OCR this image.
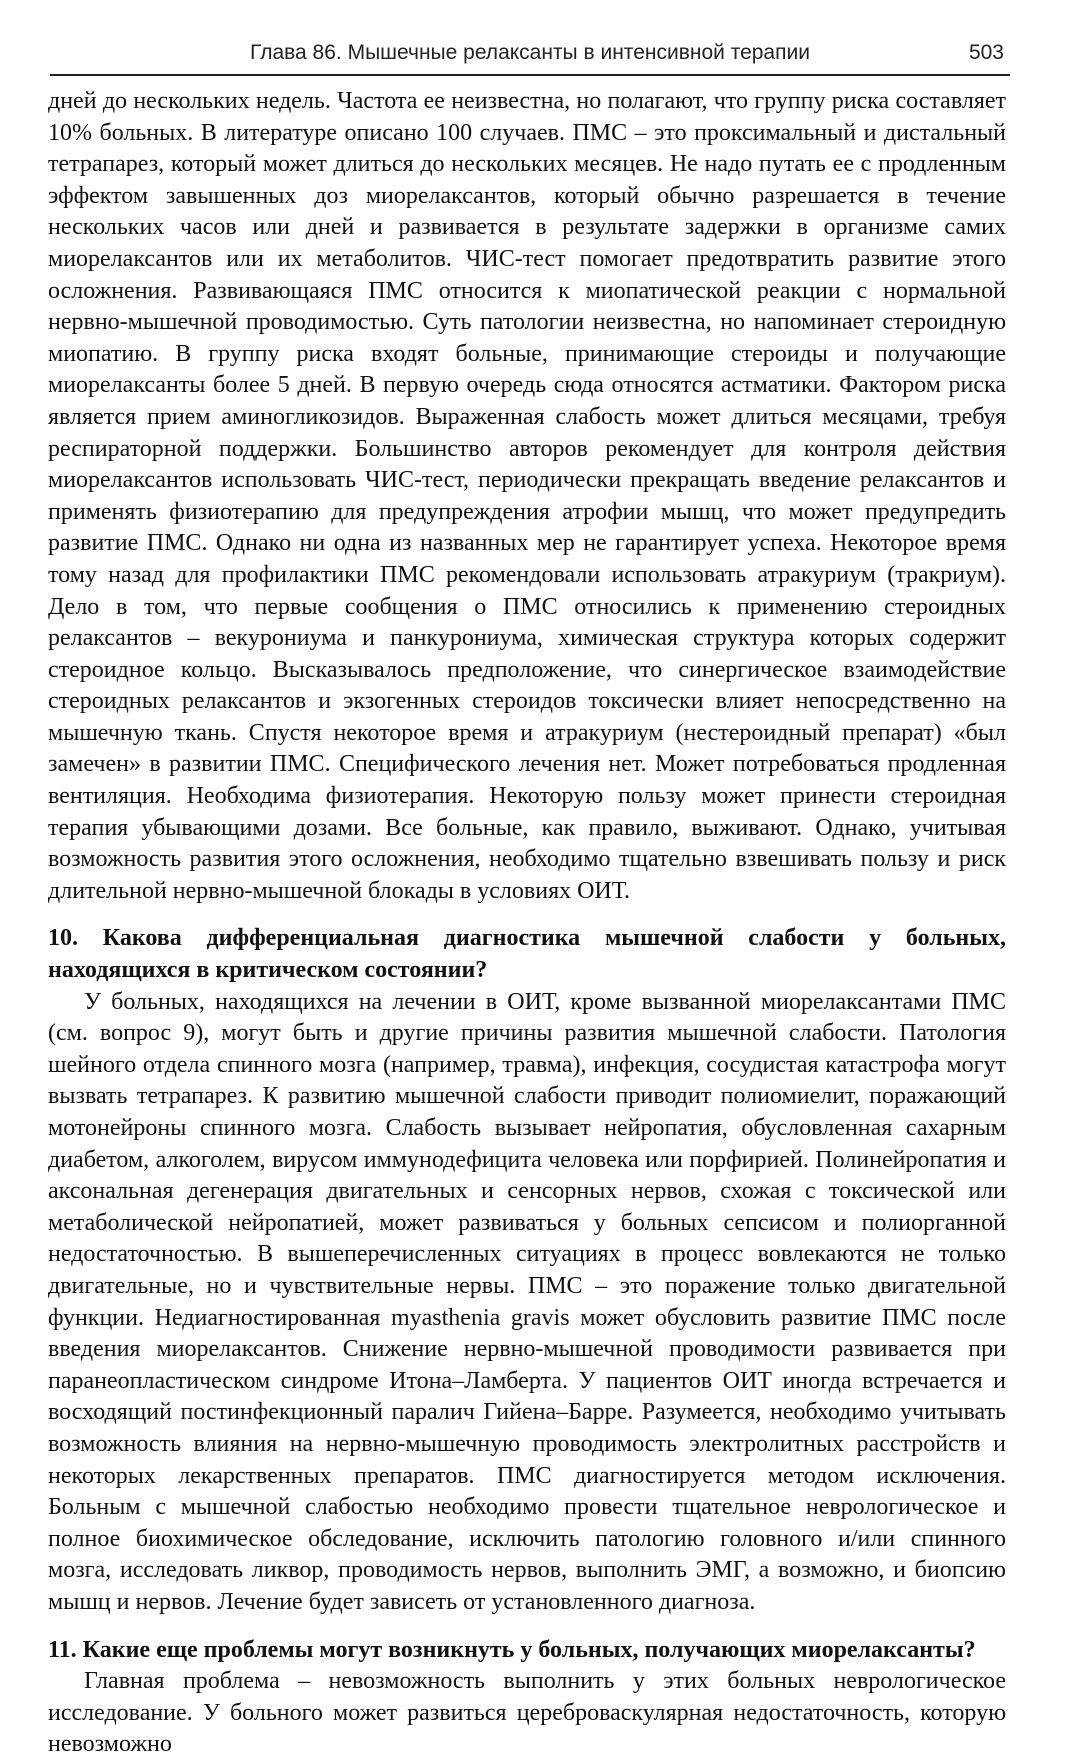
Глава 86. Мышечные релаксанты в интенсивной терапии	503

дней до нескольких недель. Частота ее неизвестна, но полагают, что группу риска составляет 10% больных. В литературе описано 100 случаев. ПМС – это проксимальный и дистальный тетрапарез, который может длиться до нескольких месяцев. Не надо путать ее с продленным эффектом завышенных доз миорелаксантов, который обычно разрешается в течение нескольких часов или дней и развивается в результате задержки в организме самих миорелаксантов или их метаболитов. ЧИС-тест помогает предотвратить развитие этого осложнения. Развивающаяся ПМС относится к миопатической реакции с нормальной нервно-мышечной проводимостью. Суть патологии неизвестна, но напоминает стероидную миопатию. В группу риска входят больные, принимающие стероиды и получающие миорелаксанты более 5 дней. В первую очередь сюда относятся астматики. Фактором риска является прием аминогликозидов. Выраженная слабость может длиться месяцами, требуя респираторной поддержки. Большинство авторов рекомендует для контроля действия миорелаксантов использовать ЧИС-тест, периодически прекращать введение релаксантов и применять физиотерапию для предупреждения атрофии мышц, что может предупредить развитие ПМС. Однако ни одна из названных мер не гарантирует успеха. Некоторое время тому назад для профилактики ПМС рекомендовали использовать атракуриум (тракриум). Дело в том, что первые сообщения о ПМС относились к применению стероидных релаксантов – векурониума и панкурониума, химическая структура которых содержит стероидное кольцо. Высказывалось предположение, что синергическое взаимодействие стероидных релаксантов и экзогенных стероидов токсически влияет непосредственно на мышечную ткань. Спустя некоторое время и атракуриум (нестероидный препарат) «был замечен» в развитии ПМС. Специфического лечения нет. Может потребоваться продленная вентиляция. Необходима физиотерапия. Некоторую пользу может принести стероидная терапия убывающими дозами. Все больные, как правило, выживают. Однако, учитывая возможность развития этого осложнения, необходимо тщательно взвешивать пользу и риск длительной нервно-мышечной блокады в условиях ОИТ.

10. Какова дифференциальная диагностика мышечной слабости у больных, находящихся в критическом состоянии?

У больных, находящихся на лечении в ОИТ, кроме вызванной миорелаксантами ПМС (см. вопрос 9), могут быть и другие причины развития мышечной слабости. Патология шейного отдела спинного мозга (например, травма), инфекция, сосудистая катастрофа могут вызвать тетрапарез. К развитию мышечной слабости приводит полиомиелит, поражающий мотонейроны спинного мозга. Слабость вызывает нейропатия, обусловленная сахарным диабетом, алкоголем, вирусом иммунодефицита человека или порфирией. Полинейропатия и аксональная дегенерация двигательных и сенсорных нервов, схожая с токсической или метаболической нейропатией, может развиваться у больных сепсисом и полиорганной недостаточностью. В вышеперечисленных ситуациях в процесс вовлекаются не только двигательные, но и чувствительные нервы. ПМС – это поражение только двигательной функции. Недиагностированная myasthenia gravis может обусловить развитие ПМС после введения миорелаксантов. Снижение нервно-мышечной проводимости развивается при паранеопластическом синдроме Итона–Ламберта. У пациентов ОИТ иногда встречается и восходящий постинфекционный паралич Гийена–Барре. Разумеется, необходимо учитывать возможность влияния на нервно-мышечную проводимость электролитных расстройств и некоторых лекарственных препаратов. ПМС диагностируется методом исключения. Больным с мышечной слабостью необходимо провести тщательное неврологическое и полное биохимическое обследование, исключить патологию головного и/или спинного мозга, исследовать ликвор, проводимость нервов, выполнить ЭМГ, а возможно, и биопсию мышц и нервов. Лечение будет зависеть от установленного диагноза.

11. Какие еще проблемы могут возникнуть у больных, получающих миорелаксанты?

Главная проблема – невозможность выполнить у этих больных неврологическое исследование. У больного может развиться цереброваскулярная недостаточность, которую невозможно
